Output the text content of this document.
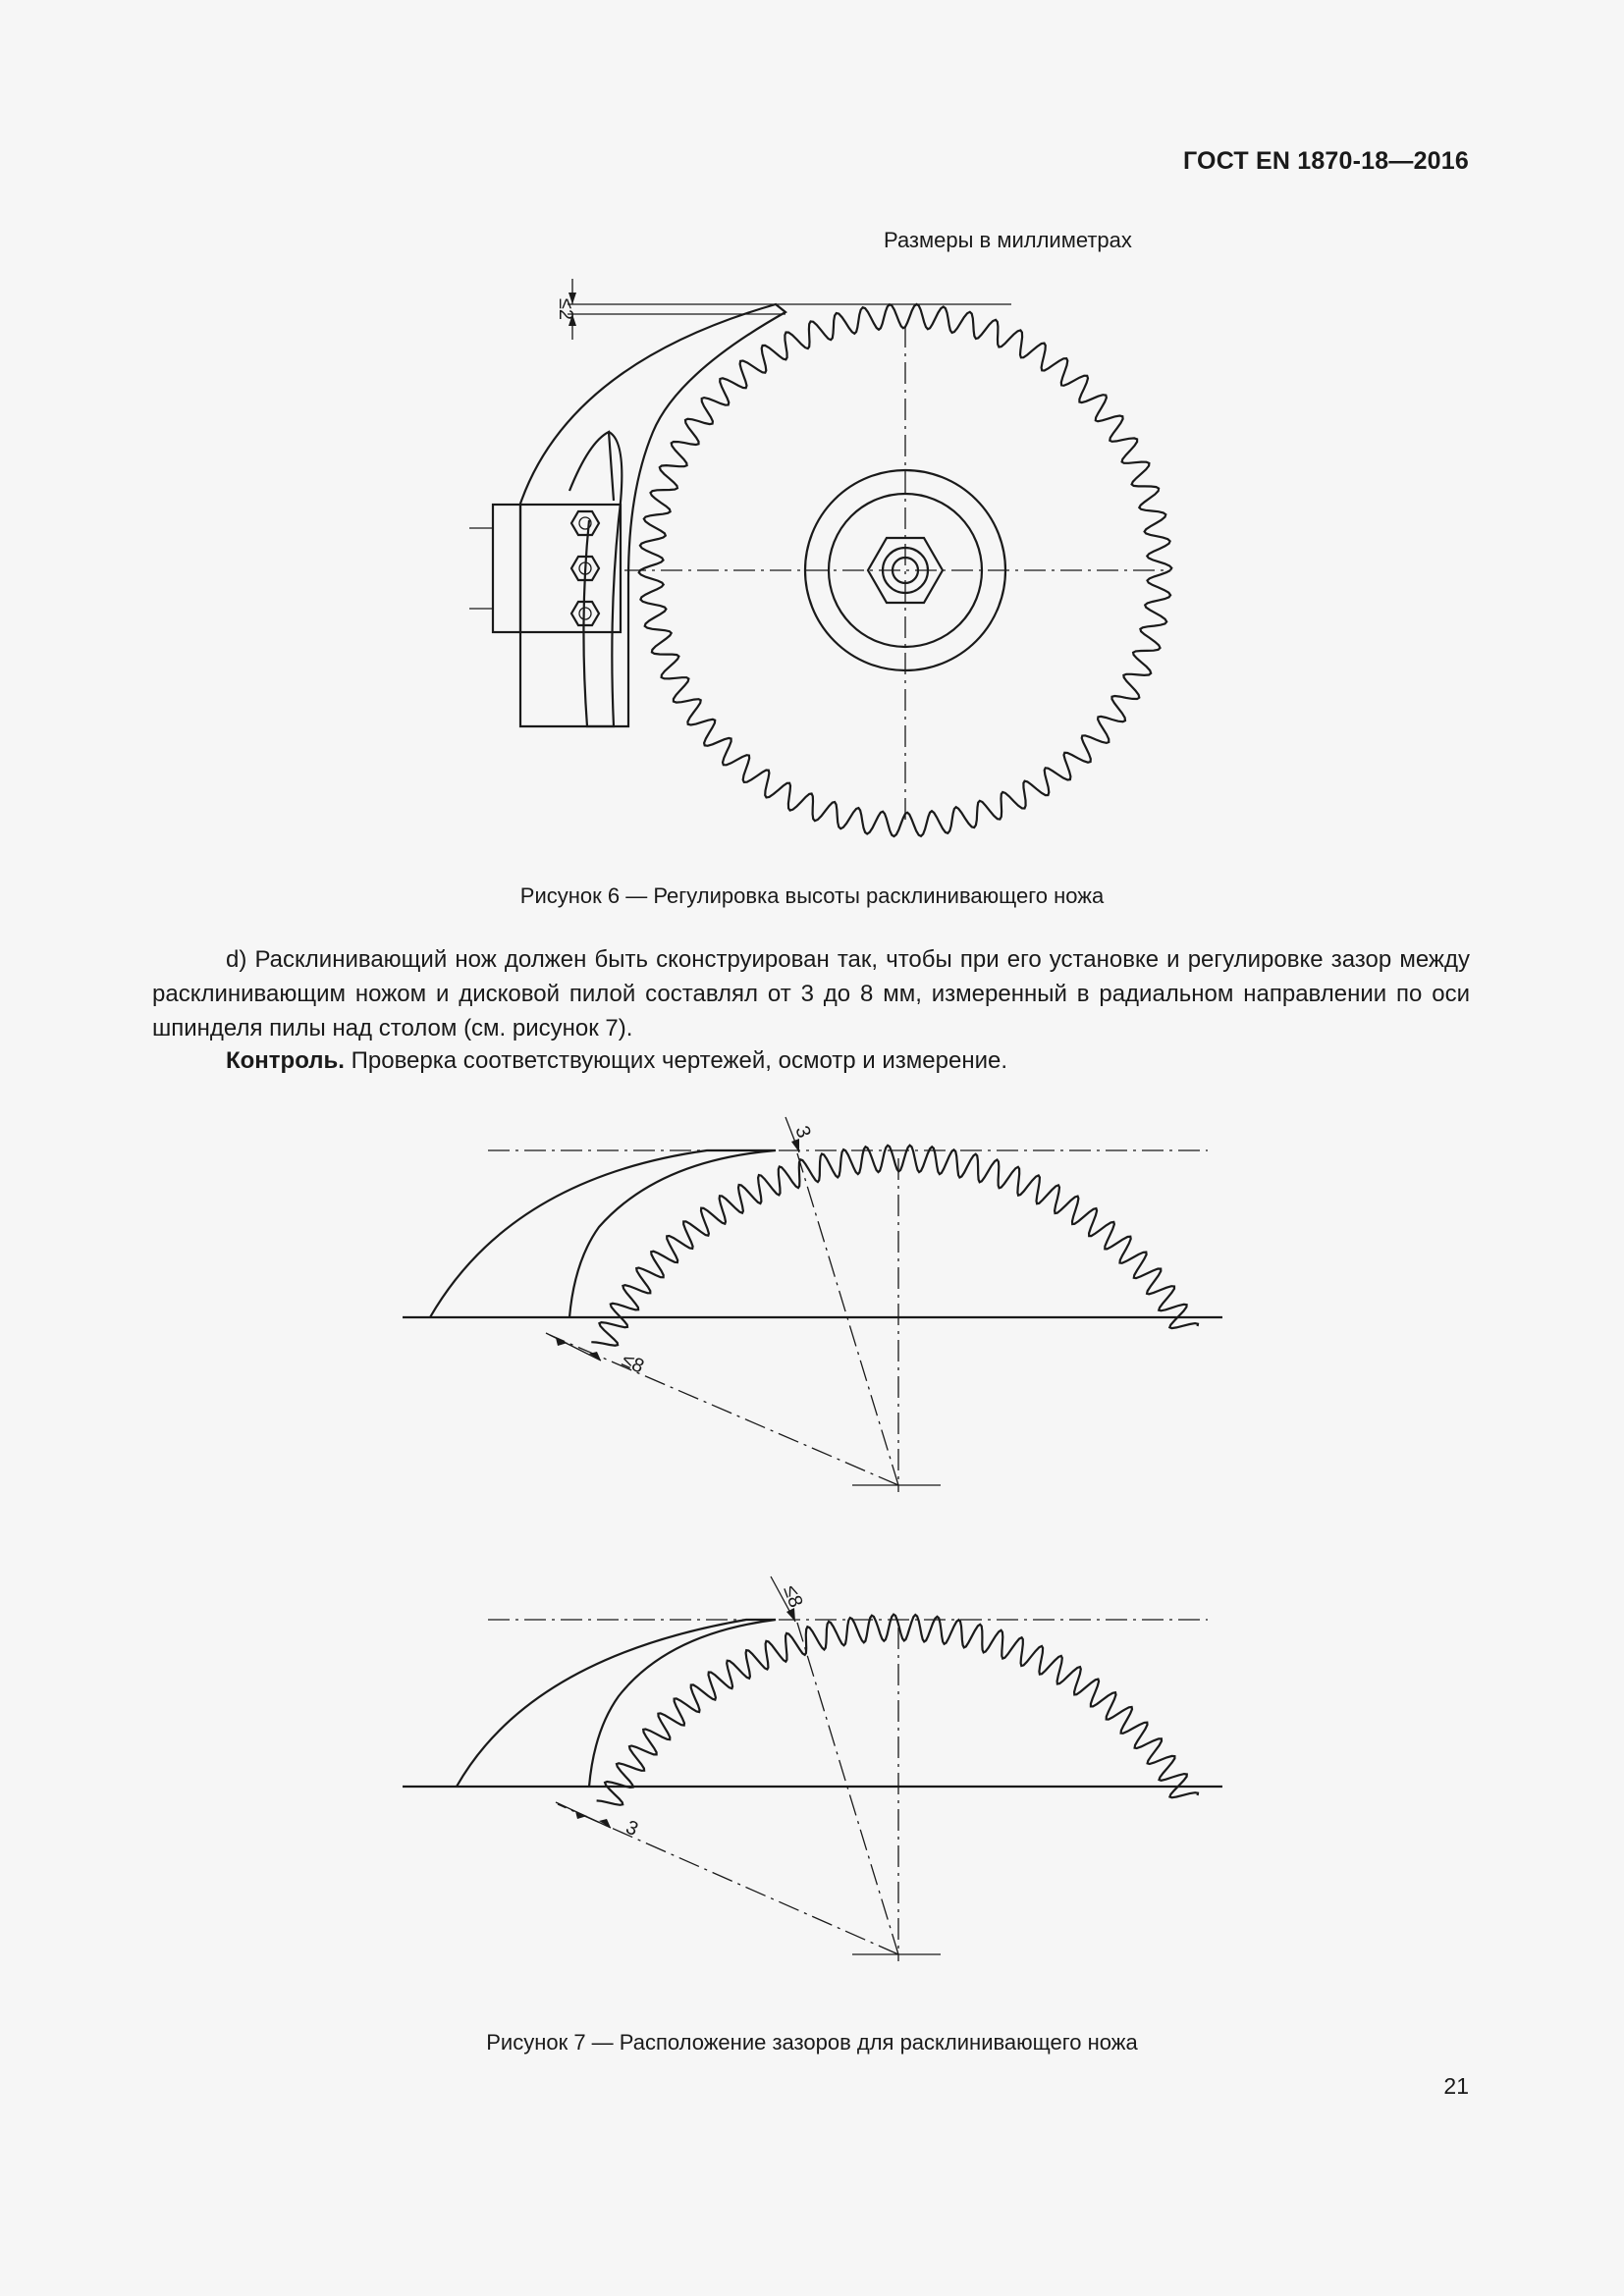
ГОСТ EN 1870-18—2016
Размеры в миллиметрах
≤2
Рисунок 6 — Регулировка высоты расклинивающего ножа
d) Расклинивающий нож должен быть сконструирован так, чтобы при его установке и регулировке зазор между расклинивающим ножом и дисковой пилой составлял от 3 до 8 мм, измеренный в радиальном направлении по оси шпинделя пилы над столом (см. рисунок 7).
Контроль. Проверка соответствующих чертежей, осмотр и измерение.
3
≤8
≤8
3
Рисунок 7 — Расположение зазоров для расклинивающего ножа
21
